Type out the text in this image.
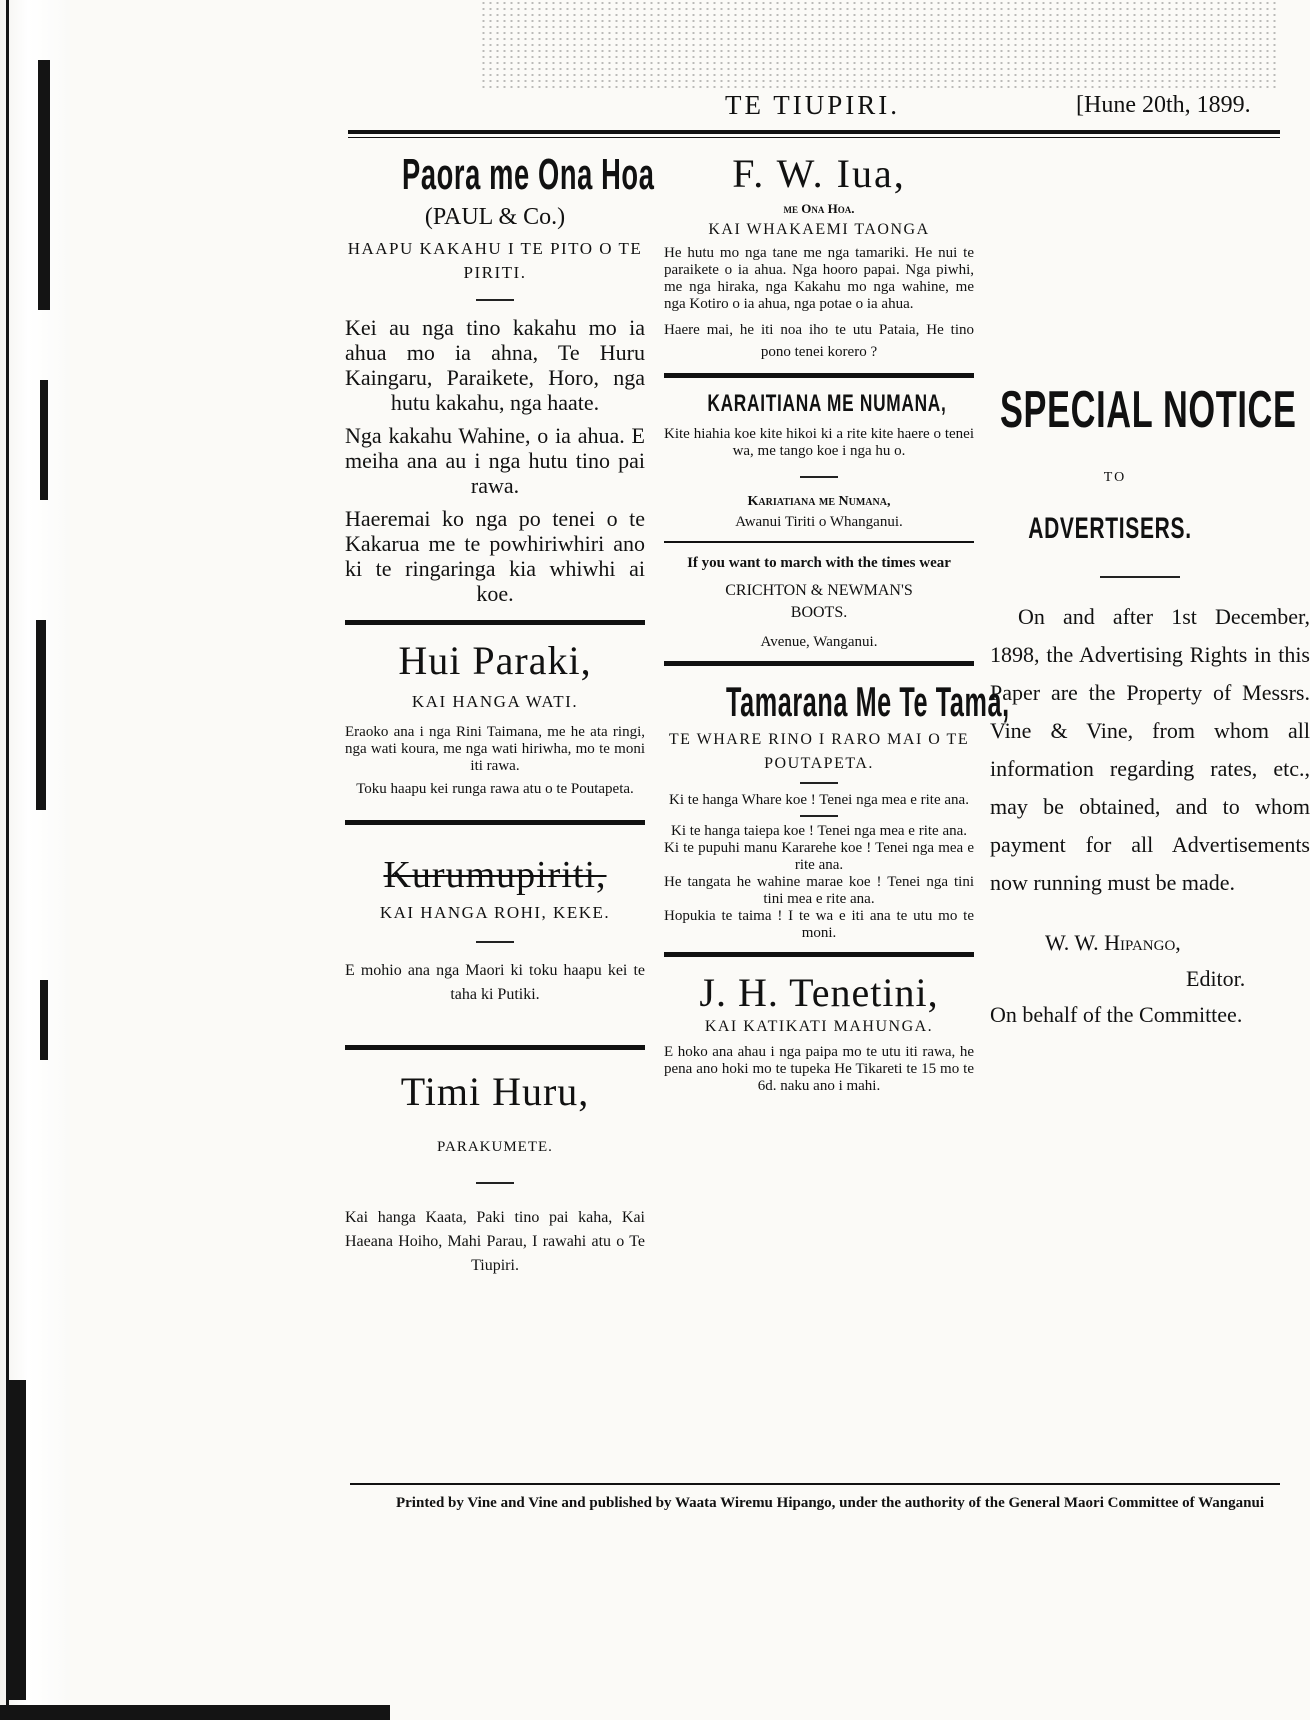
TE TIUPIRI.	[Hune 20th, 1899.
Paora me Ona Hoa
(PAUL & Co.)
HAAPU KAKAHU I TE PITO O TE PIRITI.

Kei au nga tino kakahu mo ia ahua mo ia ahna, Te Huru Kaingaru, Paraikete, Horo, nga hutu kakahu, nga haate.

Nga kakahu Wahine, o ia ahua. E meiha ana au i nga hutu tino pai rawa.

Haeremai ko nga po tenei o te Kakarua me te powhiriwhiri ano ki te ringaringa kia whiwhi ai koe.

Hui Paraki,
KAI HANGA WATI.

Eraoko ana i nga Rini Taimana, me he ata ringi, nga wati koura, me nga wati hiriwha, mo te moni iti rawa.

Toku haapu kei runga rawa atu o te Poutapeta.

Kurumupiriti,
KAI HANGA ROHI, KEKE.

E mohio ana nga Maori ki toku haapu kei te taha ki Putiki.

Timi Huru,
PARAKUMETE.

Kai hanga Kaata, Paki tino pai kaha, Kai Haeana Hoiho, Mahi Parau, I rawahi atu o Te Tiupiri.

F. W. Iua,
me Ona Hoa.
KAI WHAKAEMI TAONGA

He hutu mo nga tane me nga tamariki. He nui te paraikete o ia ahua. Nga hooro papai. Nga piwhi, me nga hiraka, nga Kakahu mo nga wahine, me nga Kotiro o ia ahua, nga potae o ia ahua.

Haere mai, he iti noa iho te utu Pataia, He tino pono tenei korero ?

KARAITIANA ME NUMANA,

Kite hiahia koe kite hikoi ki a rite kite haere o tenei wa, me tango koe i nga hu o.

Kariatiana me Numana,
Awanui Tiriti o Whanganui.

If you want to march with the times wear

CRICHTON & NEWMAN'S
BOOTS.
Avenue, Wanganui.
Tamarana Me Te Tama,
TE WHARE RINO I RARO MAI O TE POUTAPETA.

Ki te hanga Whare koe ! Tenei nga mea e rite ana.

Ki te hanga taiepa koe ! Tenei nga mea e rite ana.

Ki te pupuhi manu Kararehe koe ! Tenei nga mea e rite ana.

He tangata he wahine marae koe ! Tenei nga tini tini mea e rite ana.

Hopukia te taima ! I te wa e iti ana te utu mo te moni.

J. H. Tenetini,
KAI KATIKATI MAHUNGA.

E hoko ana ahau i nga paipa mo te utu iti rawa, he pena ano hoki mo te tupeka He Tikareti te 15 mo te 6d. naku ano i mahi.

SPECIAL NOTICE
TO
ADVERTISERS.

On and after 1st December, 1898, the Advertising Rights in this Paper are the Property of Messrs. Vine & Vine, from whom all information regarding rates, etc., may be obtained, and to whom payment for all Advertisements now running must be made.

W. W. Hipango,
Editor.
On behalf of the Committee.
Printed by Vine and Vine and published by Waata Wiremu Hipango, under the authority of the General Maori Committee of Wanganui
